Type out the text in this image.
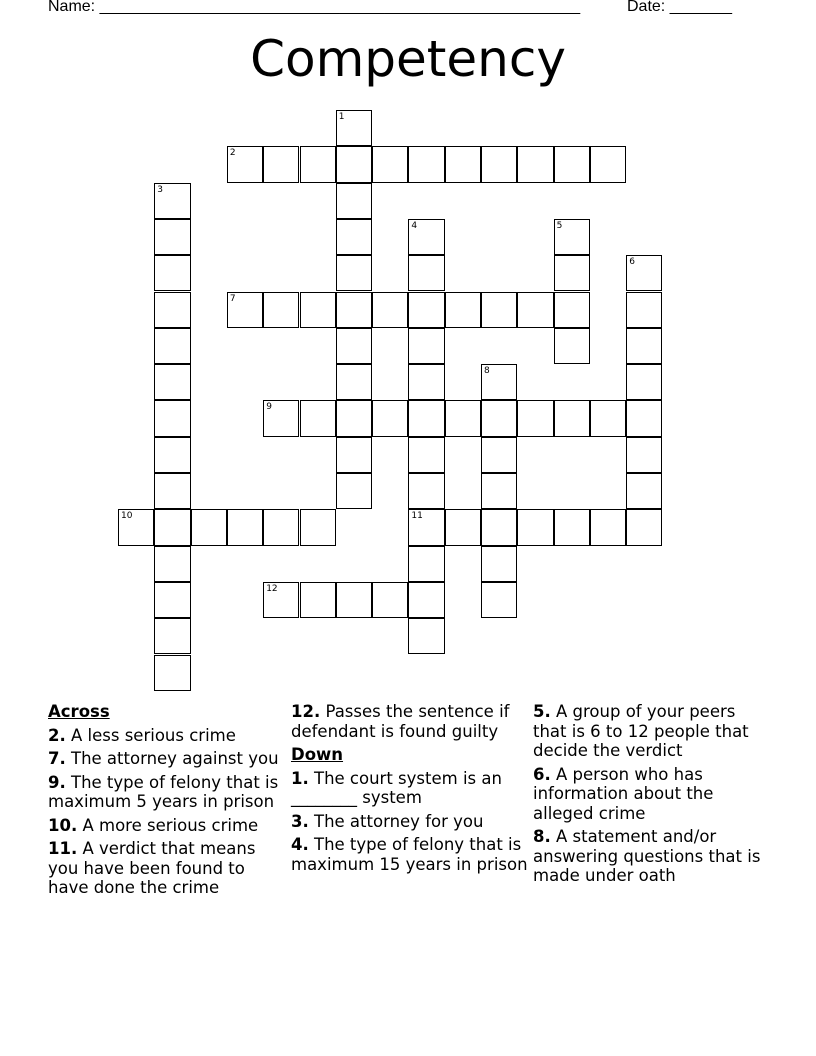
Name: ______________________________________________________	Date: _______
Competency
1
2
3
4
11
5
6
7
8
9
10
12
Across
2. A less serious crime
7. The attorney against you
9. The type of felony that is maximum 5 years in prison
10. A more serious crime
11. A verdict that means you have been found to have done the crime
12. Passes the sentence if defendant is found guilty
Down
1. The court system is an ________ system
3. The attorney for you
4. The type of felony that is maximum 15 years in prison
5. A group of your peers that is 6 to 12 people that decide the verdict
6. A person who has information about the alleged crime
8. A statement and/or answering questions that is made under oath
